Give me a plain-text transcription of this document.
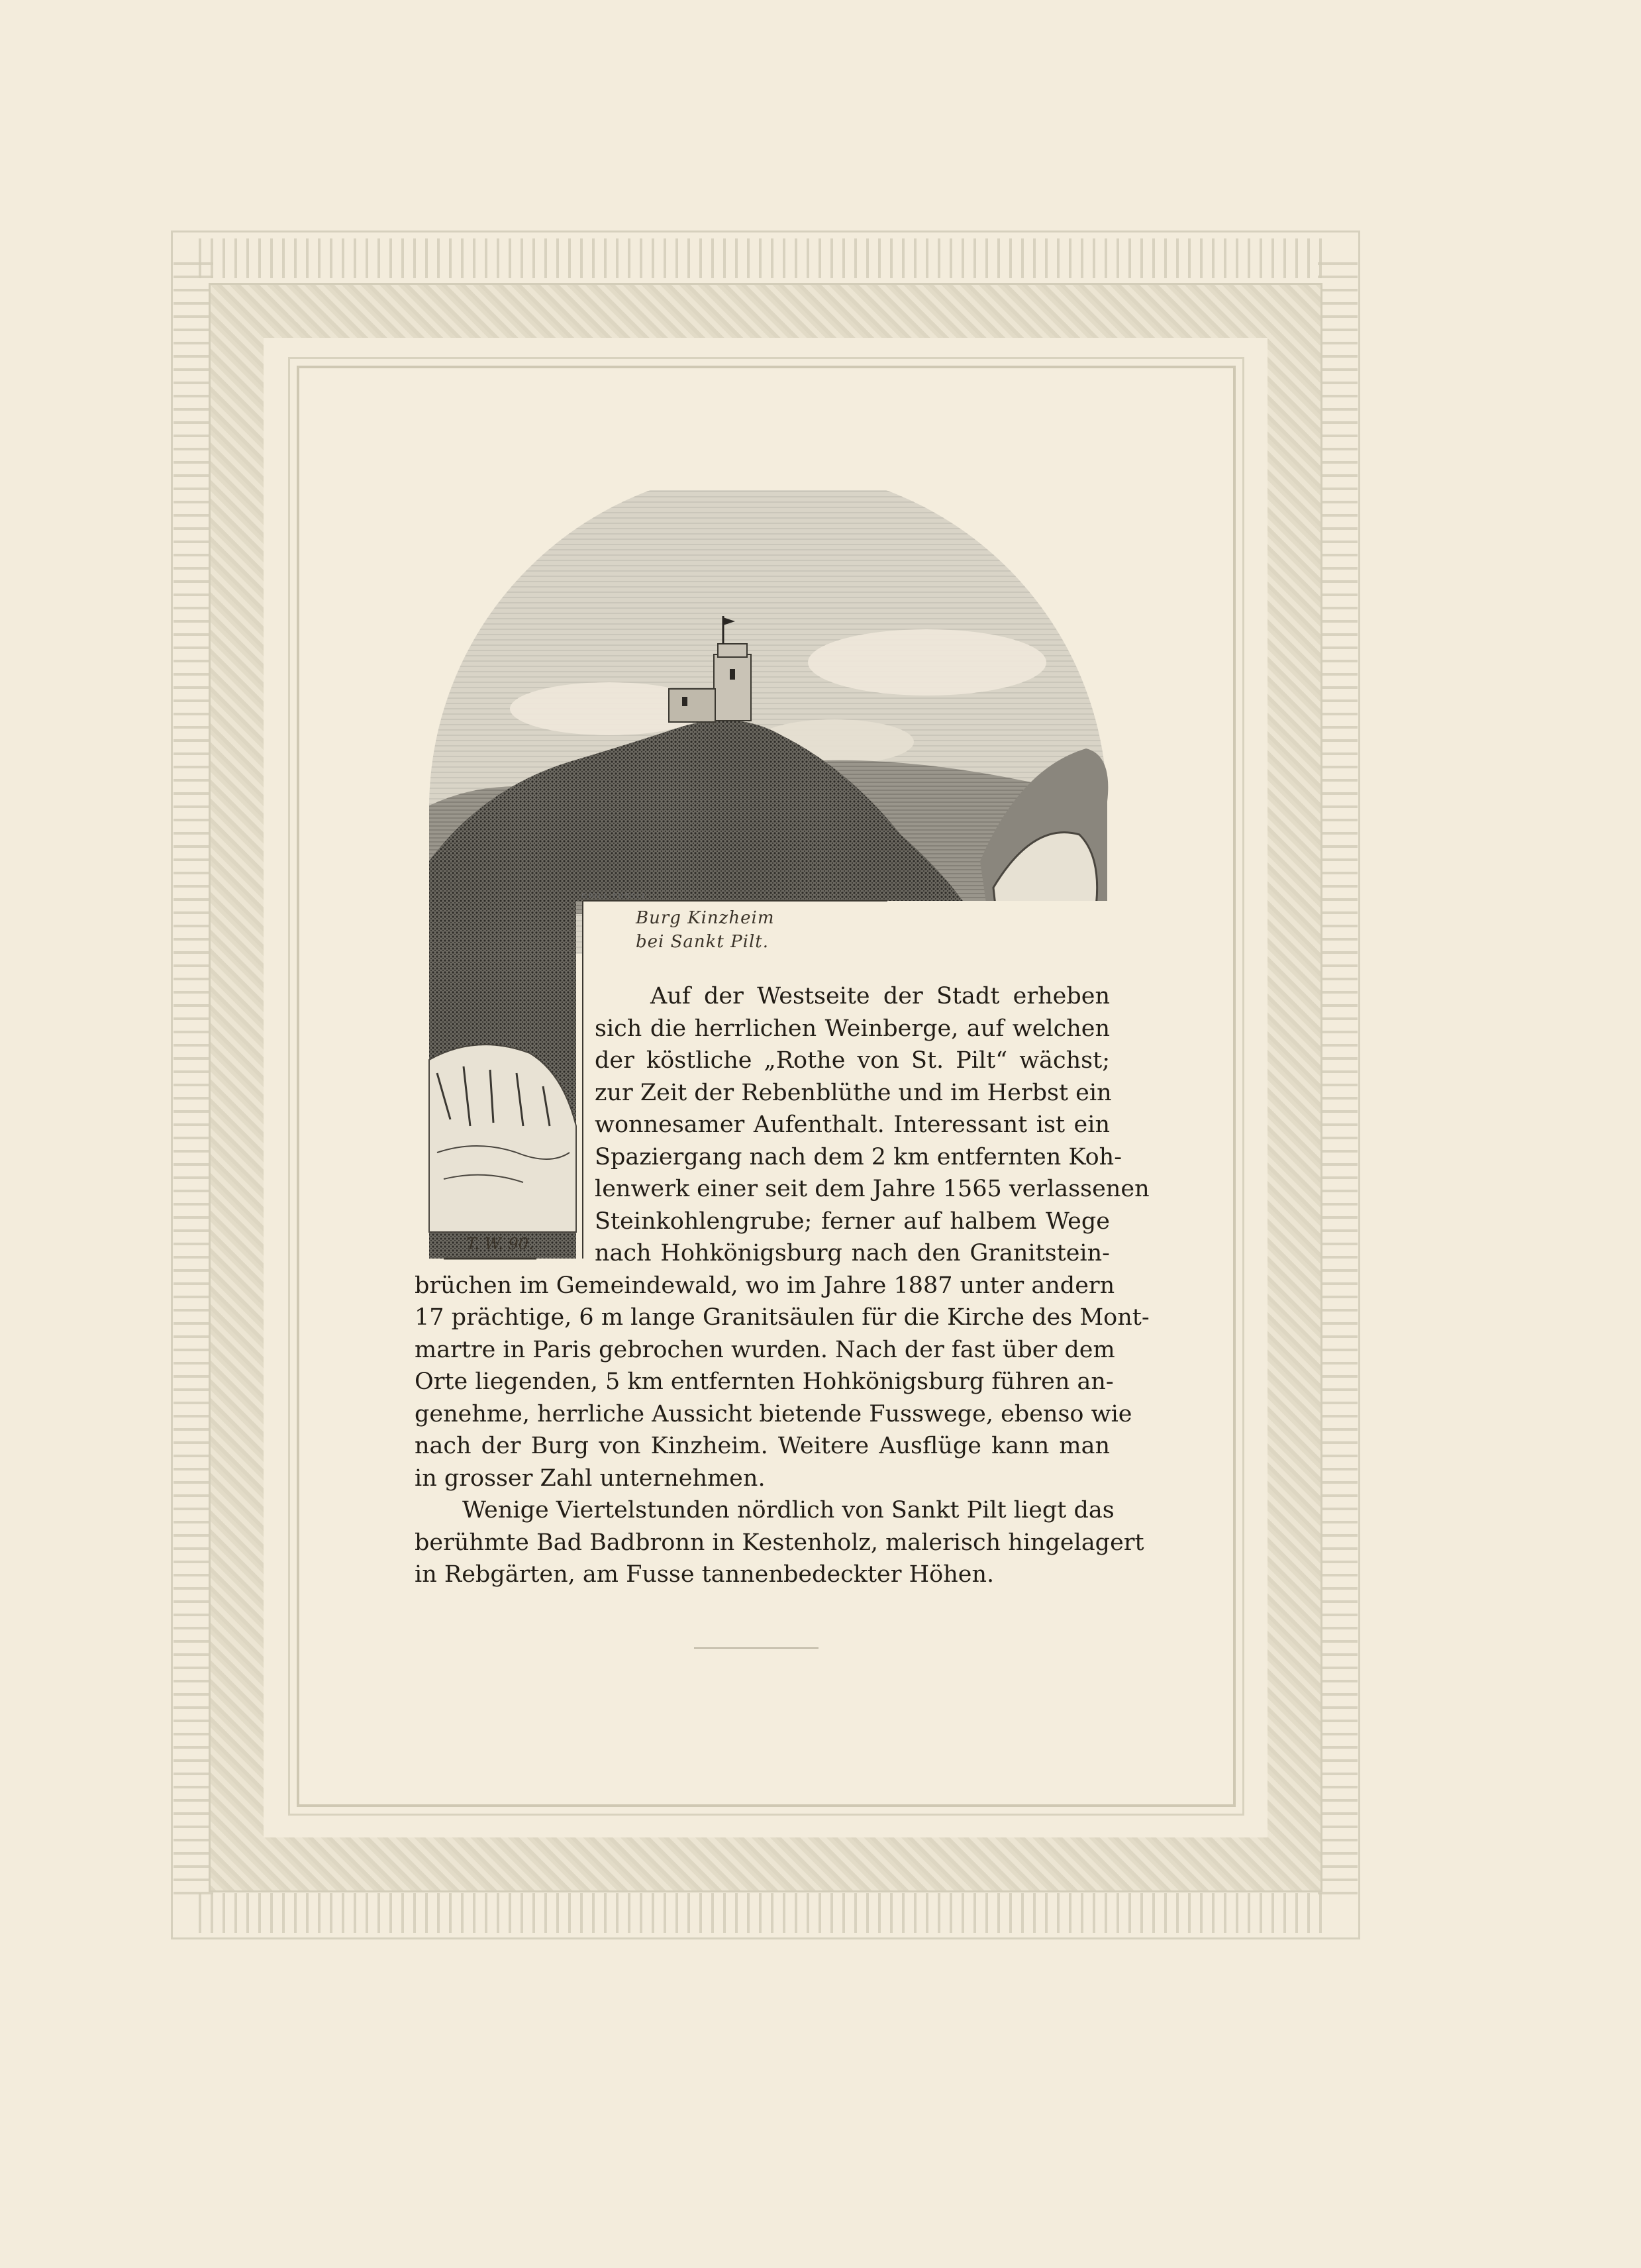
GRILL FUSSLI
Burg Kinzheim
bei Sankt Pilt.
T. W. 90.
Auf der Westseite der Stadt erheben
sich die herrlichen Weinberge, auf welchen
der köstliche „Rothe von St. Pilt“ wächst;
zur Zeit der Rebenblüthe und im Herbst ein
wonnesamer Aufenthalt. Interessant ist ein
Spaziergang nach dem 2 km entfernten Koh-
lenwerk einer seit dem Jahre 1565 verlassenen
Steinkohlengrube; ferner auf halbem Wege
nach Hohkönigsburg nach den Granitstein-
brüchen im Gemeindewald, wo im Jahre 1887 unter andern
17 prächtige, 6 m lange Granitsäulen für die Kirche des Mont-
martre in Paris gebrochen wurden. Nach der fast über dem
Orte liegenden, 5 km entfernten Hohkönigsburg führen an-
genehme, herrliche Aussicht bietende Fusswege, ebenso wie
nach der Burg von Kinzheim. Weitere Ausflüge kann man
in grosser Zahl unternehmen.
Wenige Viertelstunden nördlich von Sankt Pilt liegt das
berühmte Bad Badbronn in Kestenholz, malerisch hingelagert
in Rebgärten, am Fusse tannenbedeckter Höhen.
